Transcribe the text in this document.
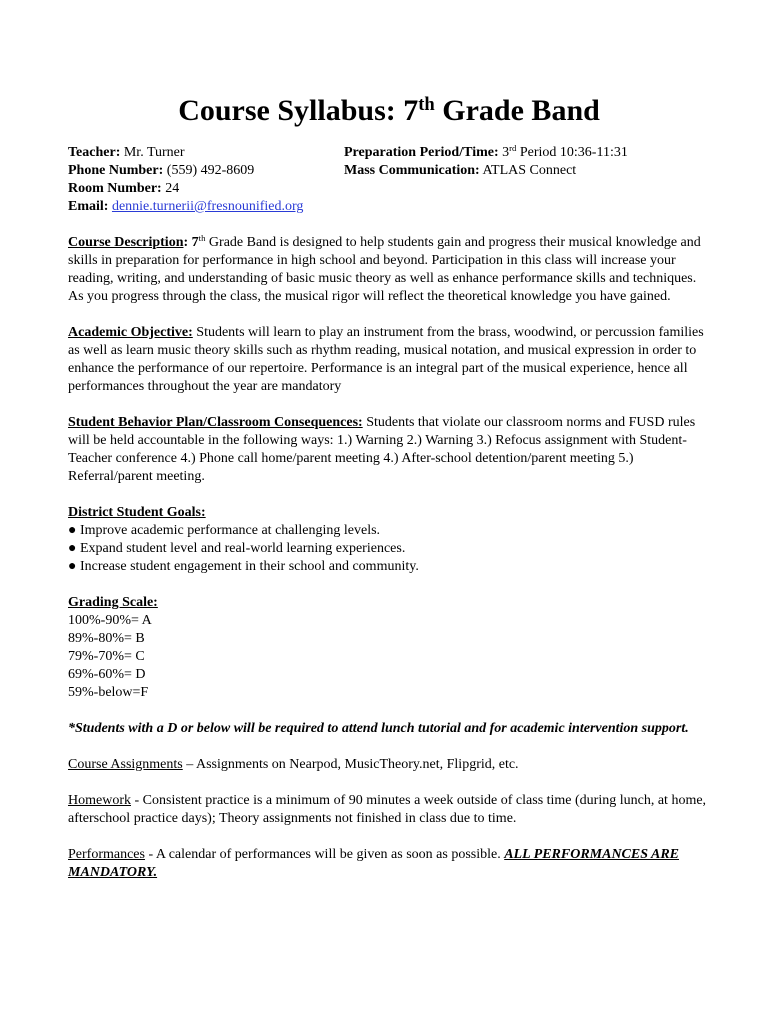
Course Syllabus: 7th Grade Band
Teacher: Mr. Turner
Phone Number: (559) 492-8609
Room Number: 24
Email: dennie.turnerii@fresnounified.org
Preparation Period/Time: 3rd Period 10:36-11:31
Mass Communication: ATLAS Connect

Course Description: 7th Grade Band is designed to help students gain and progress their musical knowledge and skills in preparation for performance in high school and beyond. Participation in this class will increase your reading, writing, and understanding of basic music theory as well as enhance performance skills and techniques. As you progress through the class, the musical rigor will reflect the theoretical knowledge you have gained.

Academic Objective: Students will learn to play an instrument from the brass, woodwind, or percussion families as well as learn music theory skills such as rhythm reading, musical notation, and musical expression in order to enhance the performance of our repertoire. Performance is an integral part of the musical experience, hence all performances throughout the year are mandatory

Student Behavior Plan/Classroom Consequences: Students that violate our classroom norms and FUSD rules will be held accountable in the following ways: 1.) Warning 2.) Warning 3.) Refocus assignment with Student-Teacher conference 4.) Phone call home/parent meeting 4.) After-school detention/parent meeting 5.) Referral/parent meeting.

District Student Goals:
● Improve academic performance at challenging levels.
● Expand student level and real-world learning experiences.
● Increase student engagement in their school and community.
Grading Scale:
100%-90%= A
89%-80%= B
79%-70%= C
69%-60%= D
59%-below=F

*Students with a D or below will be required to attend lunch tutorial and for academic intervention support.

Course Assignments – Assignments on Nearpod, MusicTheory.net, Flipgrid, etc.

Homework - Consistent practice is a minimum of 90 minutes a week outside of class time (during lunch, at home, afterschool practice days); Theory assignments not finished in class due to time.

Performances - A calendar of performances will be given as soon as possible. ALL PERFORMANCES ARE MANDATORY.
